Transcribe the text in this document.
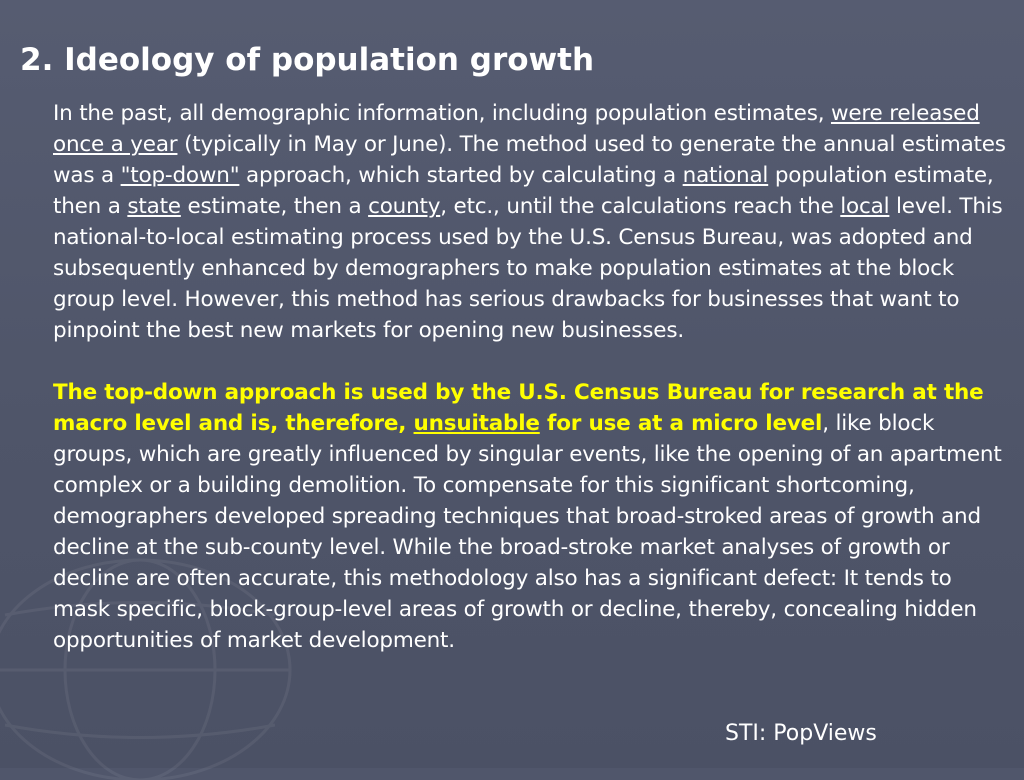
2. Ideology of population growth

In the past, all demographic information, including population estimates, were released once a year (typically in May or June). The method used to generate the annual estimates was a "top-down" approach, which started by calculating a national population estimate, then a state estimate, then a county, etc., until the calculations reach the local level. This national-to-local estimating process used by the U.S. Census Bureau, was adopted and subsequently enhanced by demographers to make population estimates at the block group level. However, this method has serious drawbacks for businesses that want to pinpoint the best new markets for opening new businesses.

The top-down approach is used by the U.S. Census Bureau for research at the macro level and is, therefore, unsuitable for use at a micro level, like block groups, which are greatly influenced by singular events, like the opening of an apartment complex or a building demolition. To compensate for this significant shortcoming, demographers developed spreading techniques that broad-stroked areas of growth and decline at the sub-county level. While the broad-stroke market analyses of growth or decline are often accurate, this methodology also has a significant defect: It tends to mask specific, block-group-level areas of growth or decline, thereby, concealing hidden opportunities of market development.

STI: PopViews
